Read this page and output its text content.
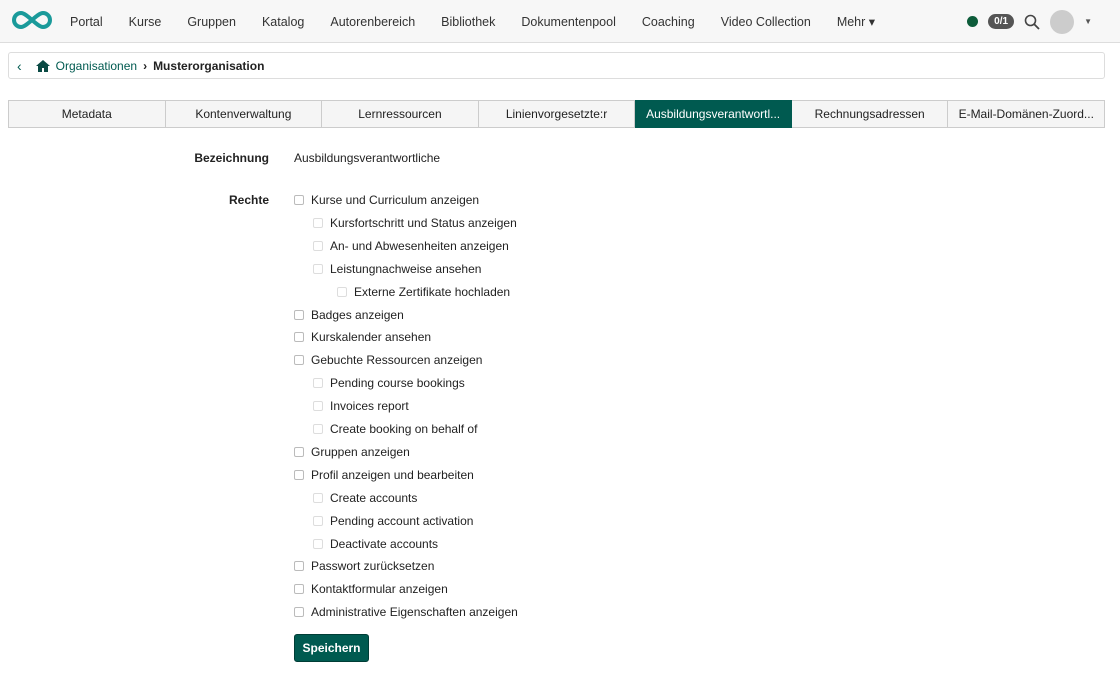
Portal	Kurse	Gruppen	Katalog	Autorenbereich	Bibliothek	Dokumentenpool	Coaching	Video Collection	Mehr ▾	0/1	▼
‹	Organisationen › Musterorganisation
Metadata	Kontenverwaltung	Lernressourcen	Linienvorgesetzte:r	Ausbildungsverantwortl...	Rechnungsadressen	E-Mail-Domänen-Zuord...
Bezeichnung Ausbildungsverantwortliche
Rechte	Kurse und Curriculum anzeigen
Kursfortschritt und Status anzeigen
An- und Abwesenheiten anzeigen
Leistungnachweise ansehen
Externe Zertifikate hochladen
Badges anzeigen
Kurskalender ansehen
Gebuchte Ressourcen anzeigen
Pending course bookings
Invoices report
Create booking on behalf of
Gruppen anzeigen
Profil anzeigen und bearbeiten
Create accounts
Pending account activation
Deactivate accounts
Passwort zurücksetzen
Kontaktformular anzeigen
Administrative Eigenschaften anzeigen
Speichern
